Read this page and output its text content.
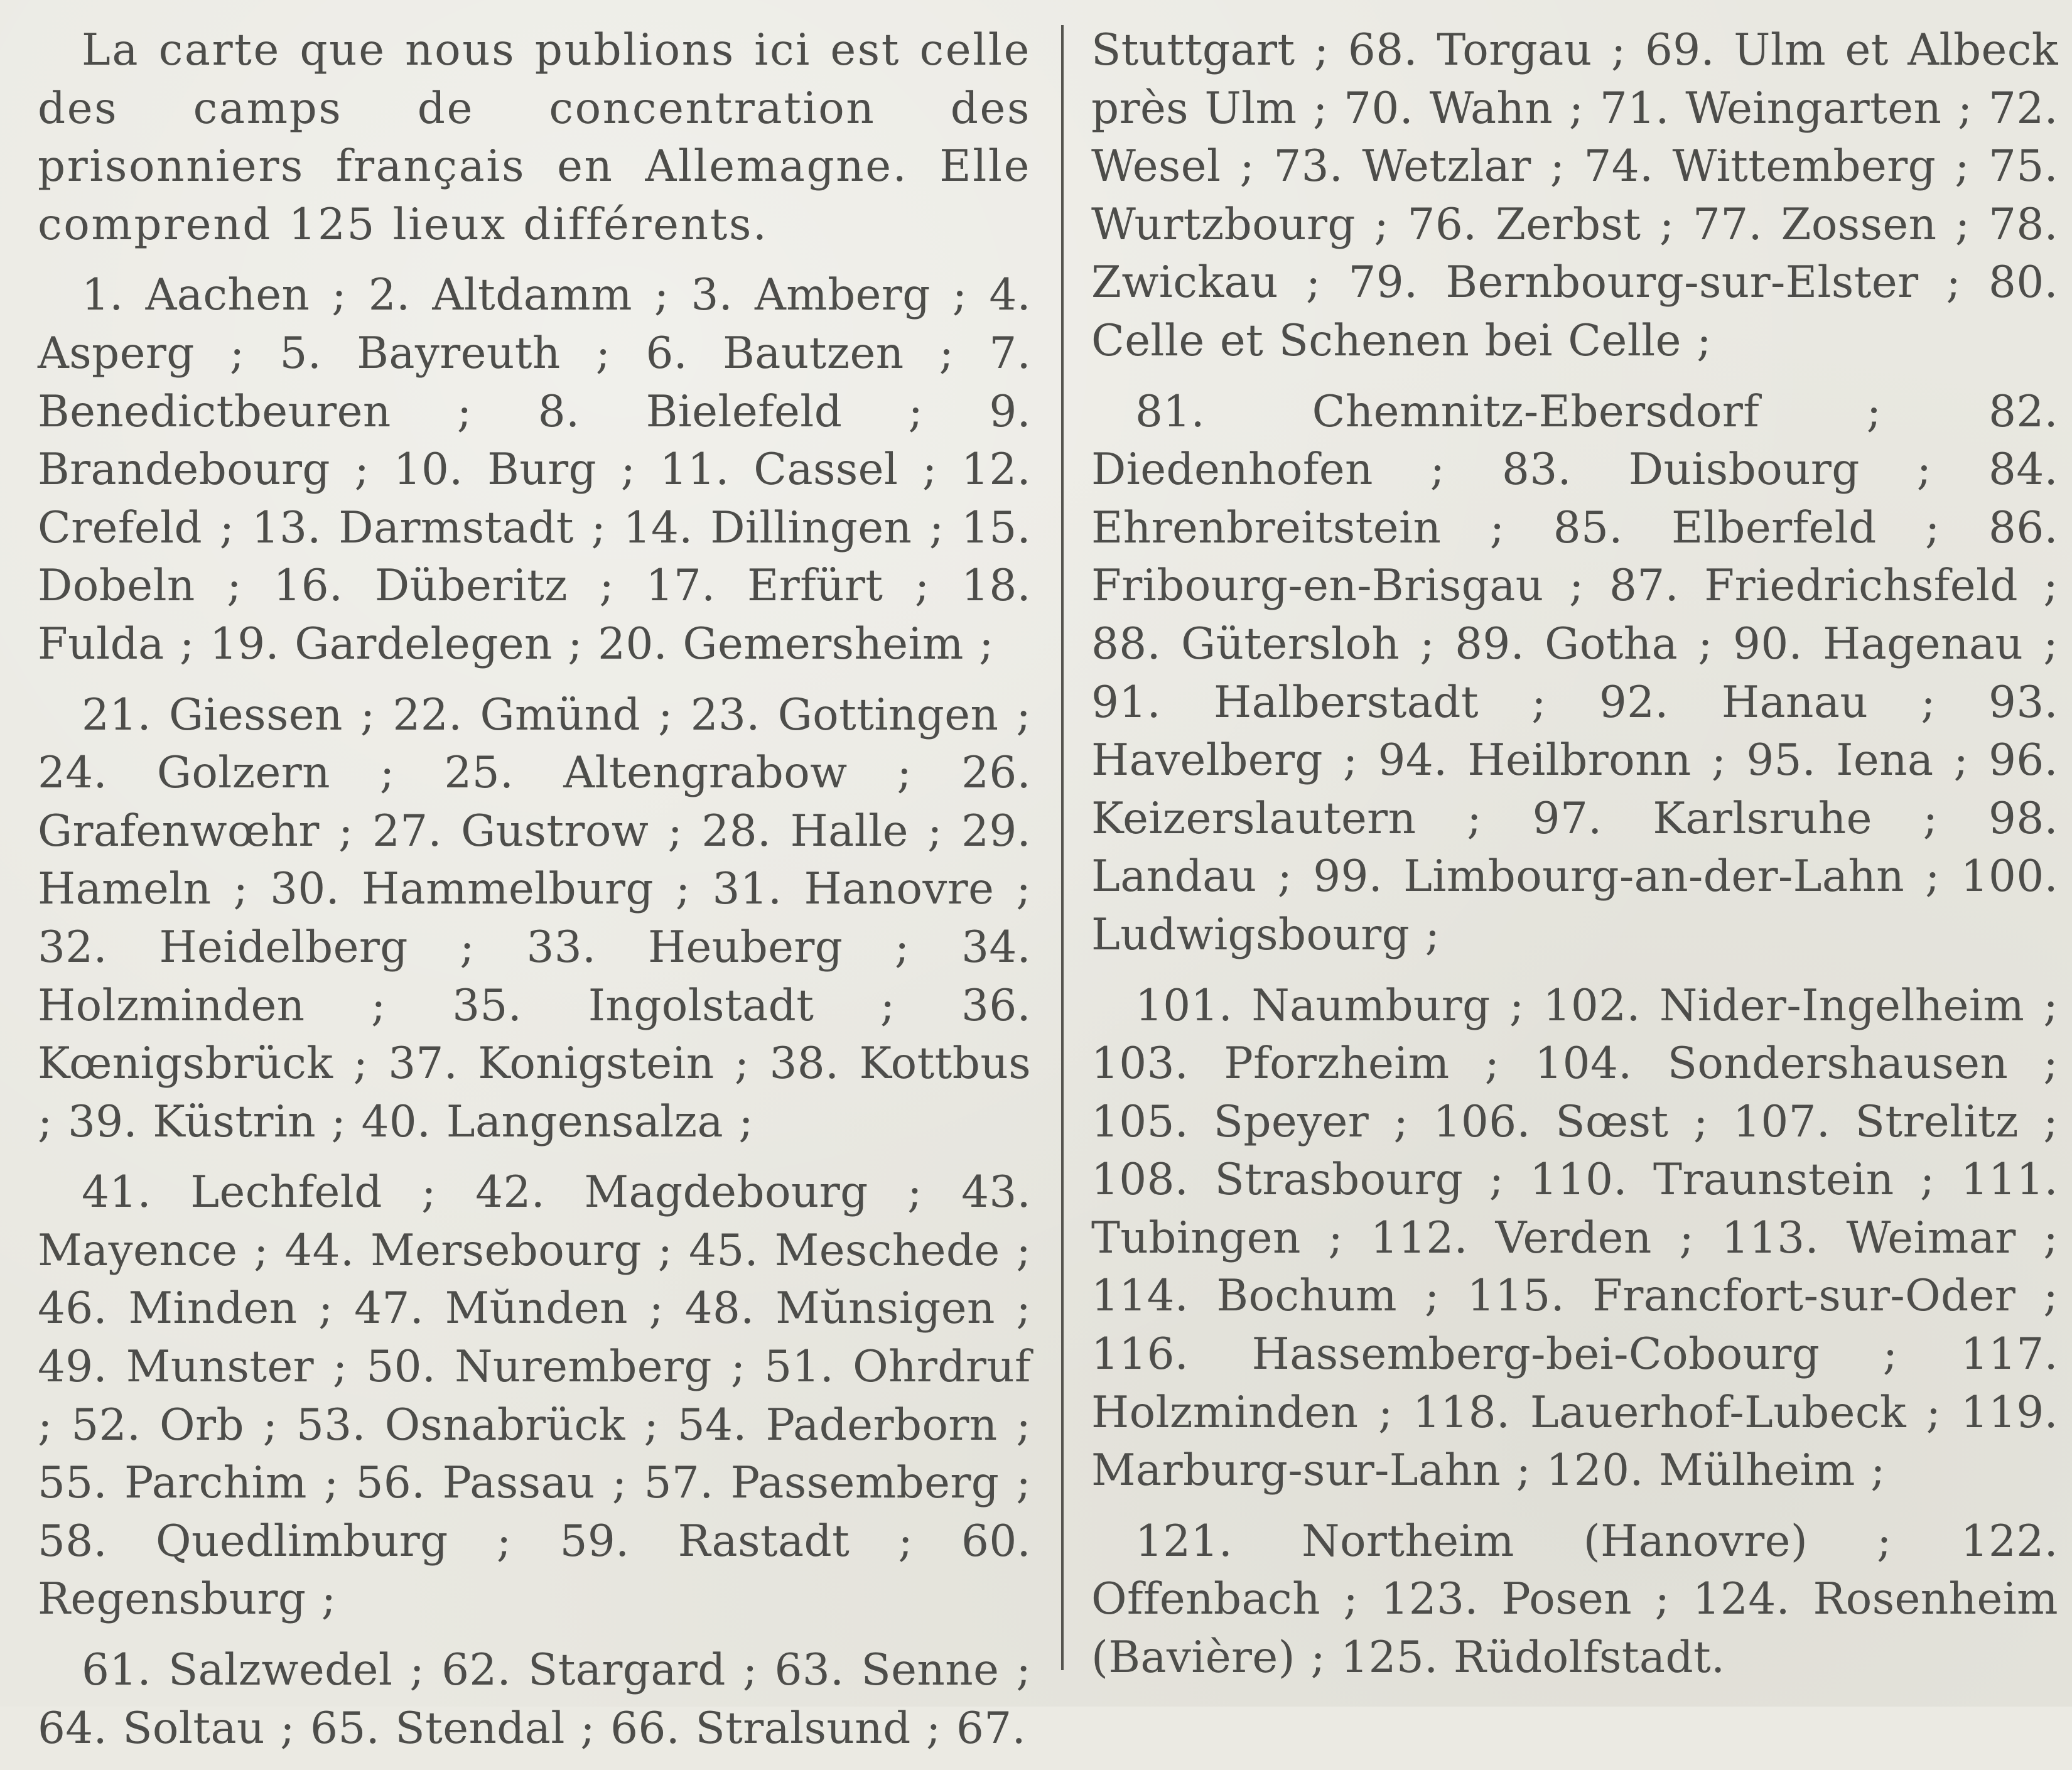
La carte que nous publions ici est celle des camps de concentration des prisonniers français en Allemagne. Elle comprend 125 lieux différents.

1. Aachen ; 2. Altdamm ; 3. Amberg ; 4. Asperg ; 5. Bayreuth ; 6. Bautzen ; 7. Benedictbeuren ; 8. Bielefeld ; 9. Brandebourg ; 10. Burg ; 11. Cassel ; 12. Crefeld ; 13. Darmstadt ; 14. Dillingen ; 15. Dobeln ; 16. Düberitz ; 17. Erfürt ; 18. Fulda ; 19. Gardelegen ; 20. Gemersheim ;

21. Giessen ; 22. Gmünd ; 23. Gottingen ; 24. Golzern ; 25. Altengrabow ; 26. Grafenwœhr ; 27. Gustrow ; 28. Halle ; 29. Hameln ; 30. Hammelburg ; 31. Hanovre ; 32. Heidelberg ; 33. Heuberg ; 34. Holzminden ; 35. Ingolstadt ; 36. Kœnigsbrück ; 37. Konigstein ; 38. Kottbus ; 39. Küstrin ; 40. Langensalza ;

41. Lechfeld ; 42. Magdebourg ; 43. Mayence ; 44. Mersebourg ; 45. Meschede ; 46. Minden ; 47. Mŭnden ; 48. Mŭnsigen ; 49. Munster ; 50. Nuremberg ; 51. Ohrdruf ; 52. Orb ; 53. Osnabrück ; 54. Paderborn ; 55. Parchim ; 56. Passau ; 57. Passemberg ; 58. Quedlimburg ; 59. Rastadt ; 60. Regensburg ;

61. Salzwedel ; 62. Stargard ; 63. Senne ; 64. Soltau ; 65. Stendal ; 66. Stralsund ; 67.

Stuttgart ; 68. Torgau ; 69. Ulm et Albeck près Ulm ; 70. Wahn ; 71. Weingarten ; 72. Wesel ; 73. Wetzlar ; 74. Wittemberg ; 75. Wurtzbourg ; 76. Zerbst ; 77. Zossen ; 78. Zwickau ; 79. Bernbourg-sur-Elster ; 80. Celle et Schenen bei Celle ;

81. Chemnitz-Ebersdorf ; 82. Diedenhofen ; 83. Duisbourg ; 84. Ehrenbreitstein ; 85. Elberfeld ; 86. Fribourg-en-Brisgau ; 87. Friedrichsfeld ; 88. Gütersloh ; 89. Gotha ; 90. Hagenau ; 91. Halberstadt ; 92. Hanau ; 93. Havelberg ; 94. Heilbronn ; 95. Iena ; 96. Keizerslautern ; 97. Karlsruhe ; 98. Landau ; 99. Limbourg-an-der-Lahn ; 100. Ludwigsbourg ;

101. Naumburg ; 102. Nider-Ingelheim ; 103. Pforzheim ; 104. Sondershausen ; 105. Speyer ; 106. Sœst ; 107. Strelitz ; 108. Strasbourg ; 110. Traunstein ; 111. Tubingen ; 112. Verden ; 113. Weimar ; 114. Bochum ; 115. Francfort-sur-Oder ; 116. Hassemberg-bei-Cobourg ; 117. Holzminden ; 118. Lauerhof-Lubeck ; 119. Marburg-sur-Lahn ; 120. Mülheim ;

121. Northeim (Hanovre) ; 122. Offenbach ; 123. Posen ; 124. Rosenheim (Bavière) ; 125. Rüdolfstadt.
